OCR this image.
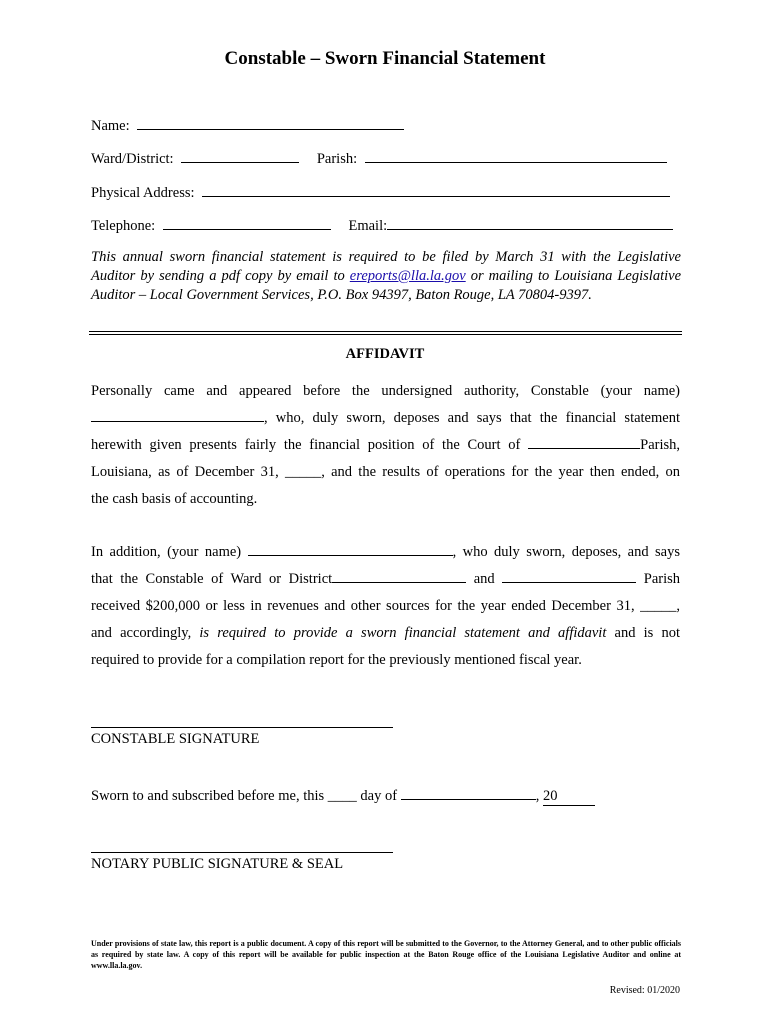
Constable – Sworn Financial Statement
Name:
Ward/District:	Parish:
Physical Address:
Telephone:	Email:
This annual sworn financial statement is required to be filed by March 31 with the Legislative Auditor by sending a pdf copy by email to ereports@lla.la.gov or mailing to Louisiana Legislative Auditor – Local Government Services, P.O. Box 94397, Baton Rouge, LA 70804-9397.
AFFIDAVIT
Personally came and appeared before the undersigned authority, Constable (your name)
, who, duly sworn, deposes and says that the financial statement
herewith given presents fairly the financial position of the Court of	Parish,
Louisiana, as of December 31, _____, and the results of operations for the year then ended, on
the cash basis of accounting.
In addition, (your name)	, who duly sworn, deposes, and says
that the Constable of Ward or District	and	Parish
received $200,000 or less in revenues and other sources for the year ended December 31, _____,
and accordingly, is required to provide a sworn financial statement and affidavit and is not
required to provide for a compilation report for the previously mentioned fiscal year.
CONSTABLE SIGNATURE
Sworn to and subscribed before me, this ____ day of	, 20
NOTARY PUBLIC SIGNATURE & SEAL
Under provisions of state law, this report is a public document. A copy of this report will be submitted to the Governor, to the Attorney General, and to other public officials as required by state law. A copy of this report will be available for public inspection at the Baton Rouge office of the Louisiana Legislative Auditor and online at www.lla.la.gov.
Revised: 01/2020
